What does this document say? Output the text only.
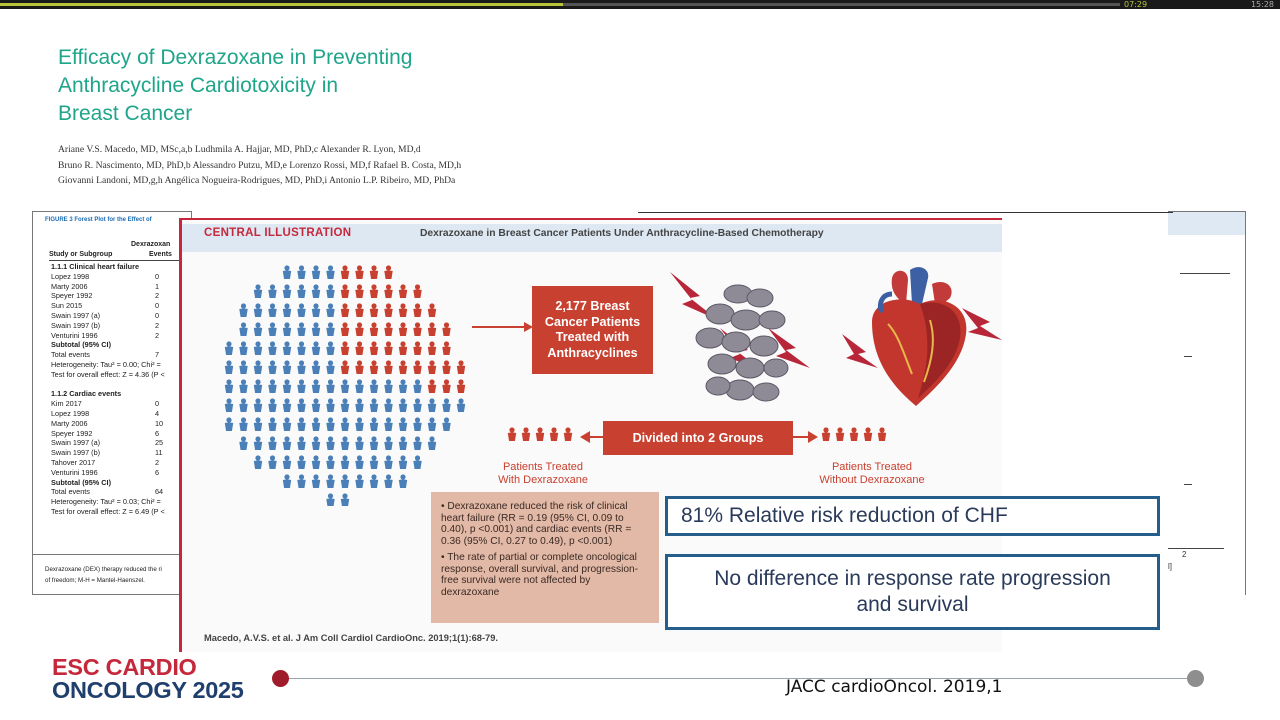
07:29	15:28
Efficacy of Dexrazoxane in Preventing
Anthracycline Cardiotoxicity in
Breast Cancer
Ariane V.S. Macedo, MD, MSc,a,b Ludhmila A. Hajjar, MD, PhD,c Alexander R. Lyon, MD,d
Bruno R. Nascimento, MD, PhD,b Alessandro Putzu, MD,e Lorenzo Rossi, MD,f Rafael B. Costa, MD,h
Giovanni Landoni, MD,g,h Angélica Nogueira-Rodrigues, MD, PhD,i Antonio L.P. Ribeiro, MD, PhDa
FIGURE 3 Forest Plot for the Effect of
Dexrazoxan
Study or Subgroup	Events
1.1.1 Clinical heart failure
Lopez 1998	0
Marty 2006	1
Speyer 1992	2
Sun 2015	0
Swain 1997 (a)	0
Swain 1997 (b)	2
Venturini 1996	2
Subtotal (95% CI)
Total events	7
Heterogeneity: Tau² = 0.00; Chi² =
Test for overall effect: Z = 4.36 (P <
1.1.2 Cardiac events
Kim 2017	0
Lopez 1998	4
Marty 2006	10
Speyer 1992	6
Swain 1997 (a)	25
Swain 1997 (b)	11
Tahover 2017	2
Venturini 1996	6
Subtotal (95% CI)
Total events	64
Heterogeneity: Tau² = 0.03; Chi² =
Test for overall effect: Z = 6.49 (P <
Dexrazoxane (DEX) therapy reduced the ri
of freedom; M-H = Mantel-Haenszel.
2
l]
CENTRAL ILLUSTRATION	Dexrazoxane in Breast Cancer Patients Under Anthracycline-Based Chemotherapy
2,177 Breast
Cancer Patients
Treated with
Anthracyclines
Divided into 2 Groups
Patients Treated
With Dexrazoxane
Patients Treated
Without Dexrazoxane

• Dexrazoxane reduced the risk of clinical heart failure (RR = 0.19 (95% CI, 0.09 to 0.40), p <0.001) and cardiac events (RR = 0.36 (95% CI, 0.27 to 0.49), p <0.001)

• The rate of partial or complete oncological response, overall survival, and progression-free survival were not affected by dexrazoxane

Macedo, A.V.S. et al. J Am Coll Cardiol CardioOnc. 2019;1(1):68-79.
81% Relative risk reduction of CHF
No difference in response rate progression
and survival
ESC CARDIO
ONCOLOGY 2025	JACC cardioOncol. 2019,1
